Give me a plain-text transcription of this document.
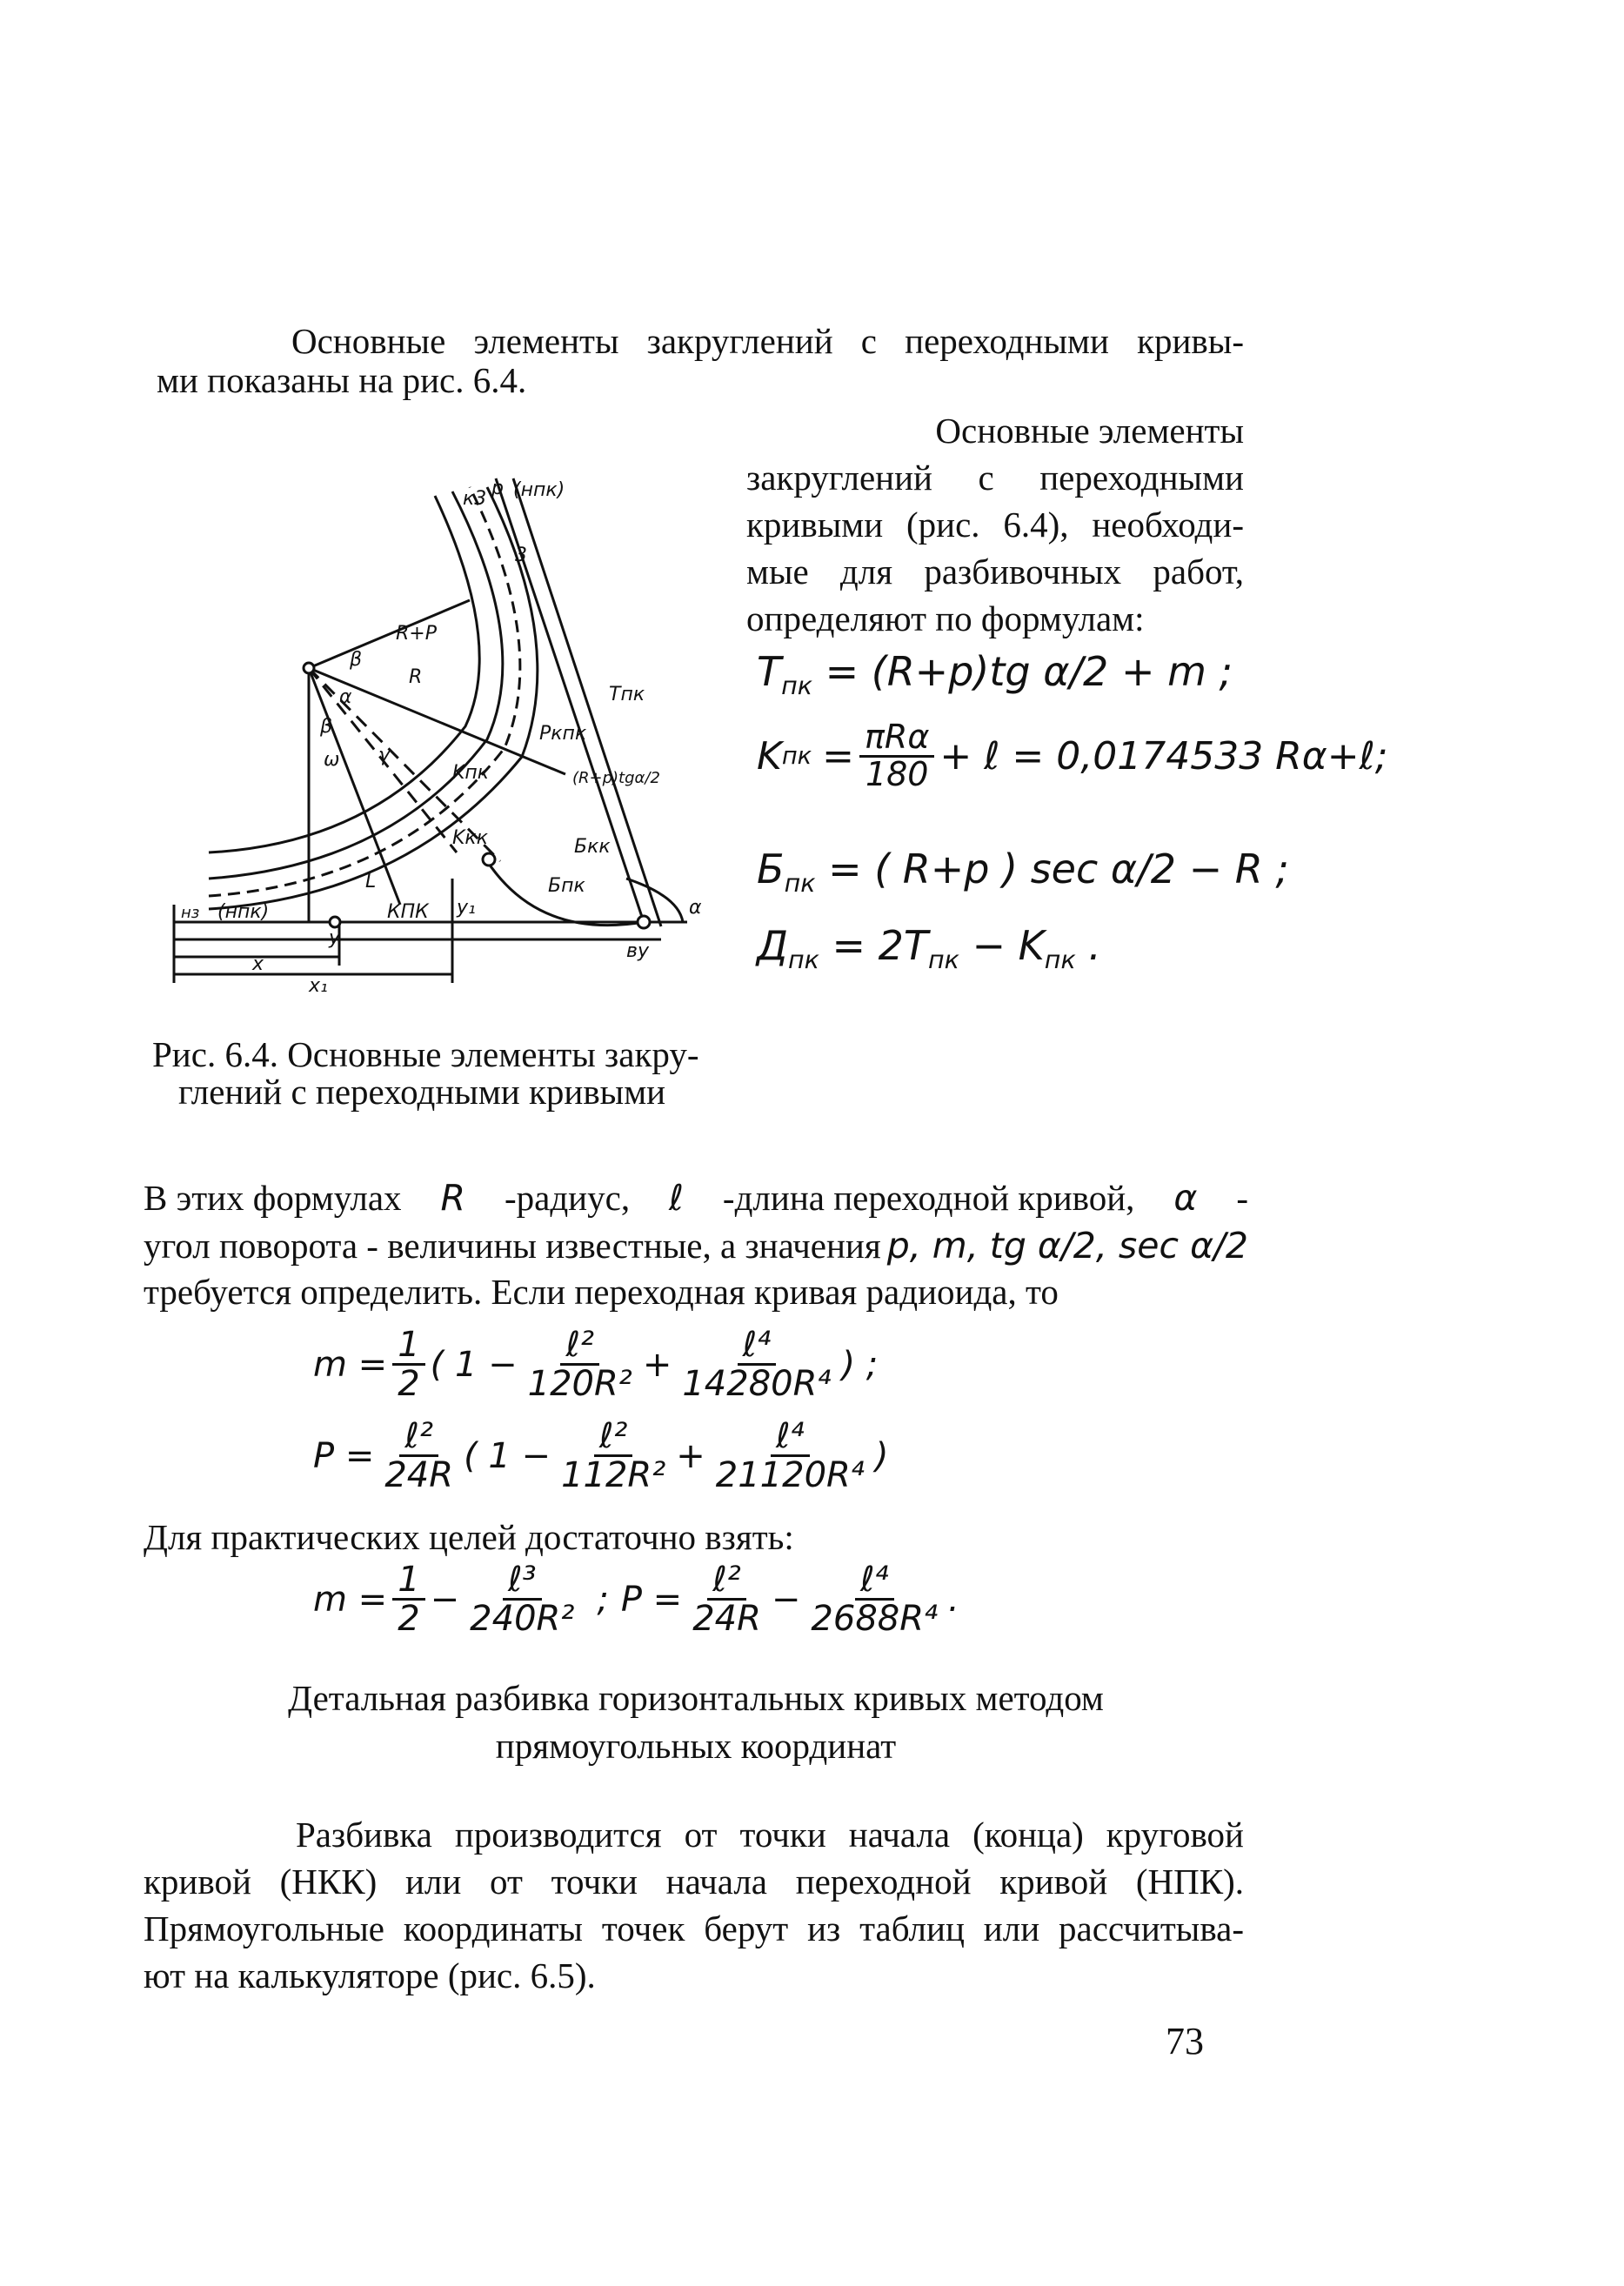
Основные элементы закруглений с переходными кривы-
ми показаны на рис. 6.4.
Основные элементы
закруглений с переходными
кривыми (рис. 6.4), необходи-
мые для разбивочных работ,
определяют по формулам:
к3 p (нпк)
3
R+P
β
R
β
α
ω γ
Kпк
Kкк
Ркпк
Tпк
(R+p)tgα/2
Бкк
Бпк
α
L
КПК y₁
(нпк)
нз
y
x
x₁
ву
$T_{пк} = (R+p)tg$ α/2 + m ;
K пк = $\frac{\text{πRα}}{180}$ + ℓ = 0,0174533 Rα+ℓ;
$Б_{пк}$ = ( R+p ) sec α/2 − R ;
$Д_{пк} = 2T_{пк} - K_{пк}$ .
Рис. 6.4. Основные элементы закру-
глений с переходными кривыми
В этих формулах R -радиус, ℓ -длина переходной кривой, α -
угол поворота - величины известные, а значения p, m, tg α/2, sec α/2
требуется определить. Если переходная кривая радиоида, то
$m = \frac{1}{2}$ ( $1 - \frac{\text{ℓ²}}{\text{120R²}} + \frac{\text{ℓ⁴}}{\text{14280R⁴}}$ ) ;
$P = \frac{\text{ℓ²}}{24R}$ ( $1 - \frac{\text{ℓ²}}{\text{112R²}} + \frac{\text{ℓ⁴}}{\text{21120R⁴}}$ )
Для практических целей достаточно взять:
$m = \frac{1}{2} - \frac{\text{ℓ³}}{\text{240R²}}$ ; $P = \frac{\text{ℓ²}}{24R} - \frac{\text{ℓ⁴}}{\text{2688R⁴}}$ .
Детальная разбивка горизонтальных кривых методом
прямоугольных координат
Разбивка производится от точки начала (конца) круговой
кривой (НКК) или от точки начала переходной кривой (НПК).
Прямоугольные координаты точек берут из таблиц или рассчитыва-
ют на калькуляторе (рис. 6.5).
73
